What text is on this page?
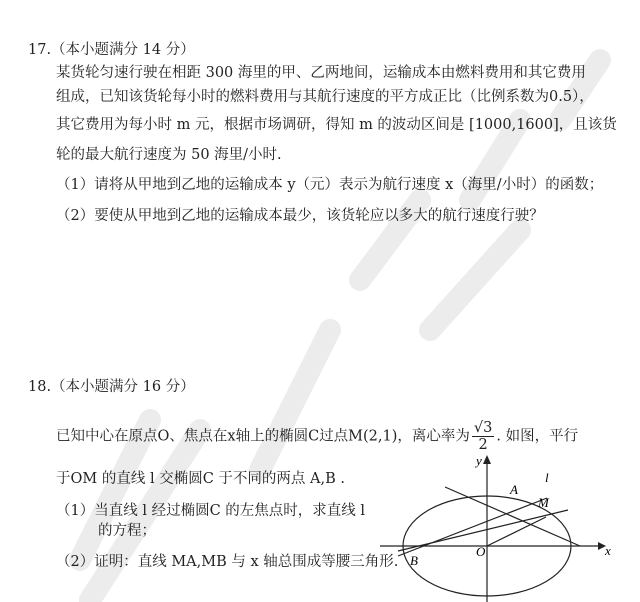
17.（本小题满分 14 分）
某货轮匀速行驶在相距 300 海里的甲、乙两地间，运输成本由燃料费用和其它费用
组成，已知该货轮每小时的燃料费用与其航行速度的平方成正比（比例系数为0.5），
其它费用为每小时 m 元，根据市场调研，得知 m 的波动区间是 [1000,1600]，且该货
轮的最大航行速度为 50 海里/小时.
（1）请将从甲地到乙地的运输成本 y（元）表示为航行速度 x（海里/小时）的函数；
（2）要使从甲地到乙地的运输成本最少，该货轮应以多大的航行速度行驶？
18.（本小题满分 16 分）
已知中心在原点O、焦点在x轴上的椭圆C过点M(2,1)，离心率为 $\frac{√3}{2}$ . 如图，平行
于OM 的直线 l 交椭圆C 于不同的两点 A,B .
（1）当直线 l 经过椭圆C 的左焦点时，求直线 l
的方程；
（2）证明：直线 MA,MB 与 x 轴总围成等腰三角形.
y
x
O
A
M
B
l
